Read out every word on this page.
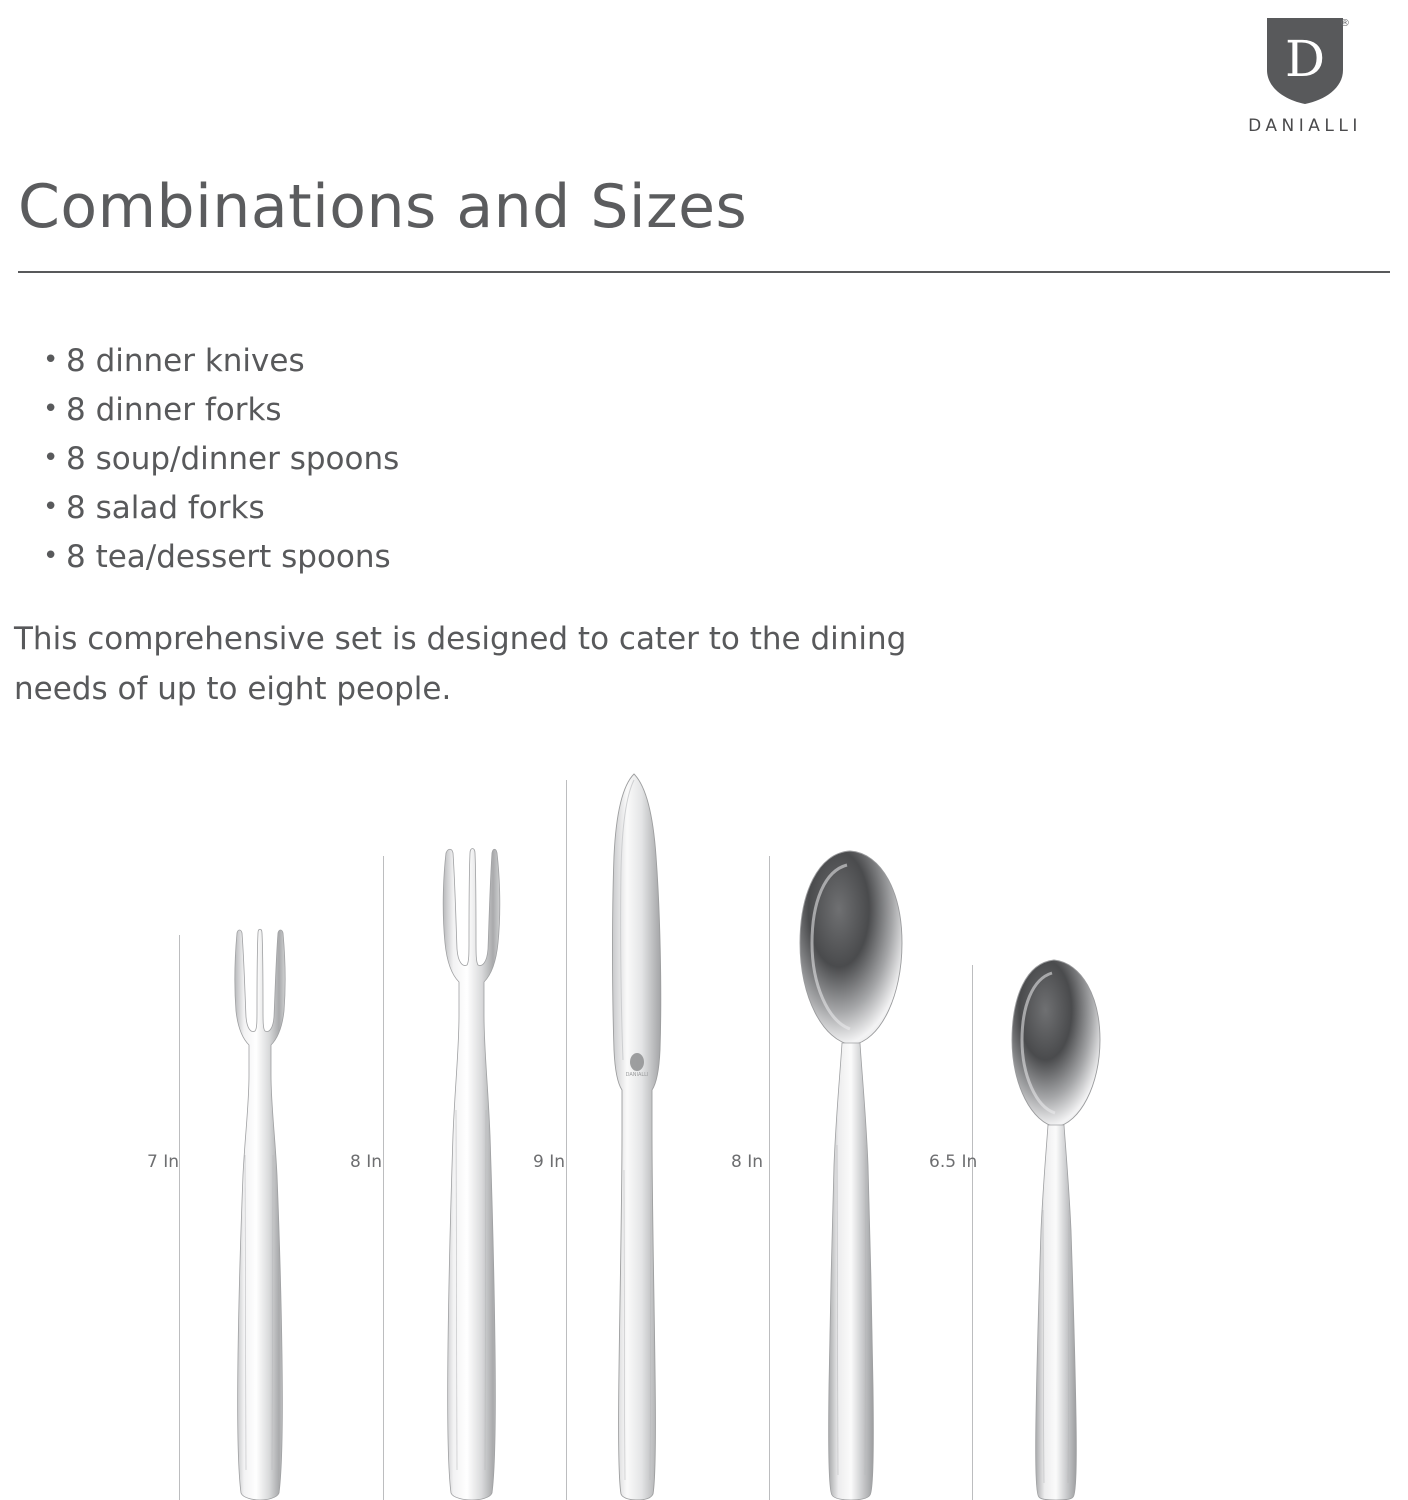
D
®
DANIALLI
Combinations and Sizes
• 8 dinner knives
• 8 dinner forks
• 8 soup/dinner spoons
• 8 salad forks
• 8 tea/dessert spoons

This comprehensive set is designed to cater to the dining needs of up to eight people.

7 In	8 In	9 In
DANIALLI
8 In	6.5 In
